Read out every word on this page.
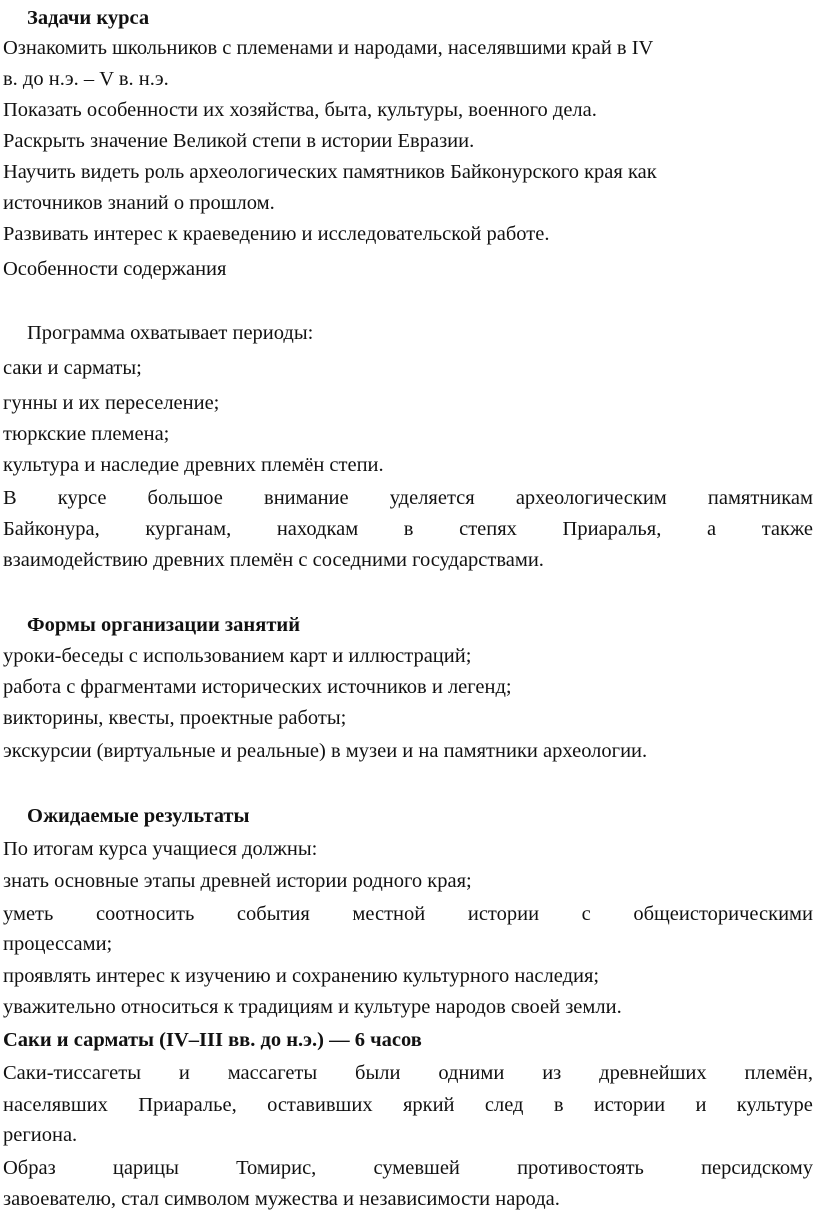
Задачи курса
Ознакомить школьников с племенами и народами, населявшими край в IV
в. до н.э. – V в. н.э.
Показать особенности их хозяйства, быта, культуры, военного дела.
Раскрыть значение Великой степи в истории Евразии.
Научить видеть роль археологических памятников Байконурского края как
источников знаний о прошлом.
Развивать интерес к краеведению и исследовательской работе.
Особенности содержания
Программа охватывает периоды:
саки и сарматы;
гунны и их переселение;
тюркские племена;
культура и наследие древних племён степи.
В курсе большое внимание уделяется археологическим памятникам
Байконура, курганам, находкам в степях Приаралья, а также
взаимодействию древних племён с соседними государствами.
Формы организации занятий
уроки-беседы с использованием карт и иллюстраций;
работа с фрагментами исторических источников и легенд;
викторины, квесты, проектные работы;
экскурсии (виртуальные и реальные) в музеи и на памятники археологии.
Ожидаемые результаты
По итогам курса учащиеся должны:
знать основные этапы древней истории родного края;
уметь соотносить события местной истории с общеисторическими
процессами;
проявлять интерес к изучению и сохранению культурного наследия;
уважительно относиться к традициям и культуре народов своей земли.
Саки и сарматы (IV–III вв. до н.э.) — 6 часов
Саки-тиссагеты и массагеты были одними из древнейших племён,
населявших Приаралье, оставивших яркий след в истории и культуре
региона.
Образ	царицы	Томирис,	сумевшей	противостоять	персидскому
завоевателю, стал символом мужества и независимости народа.
